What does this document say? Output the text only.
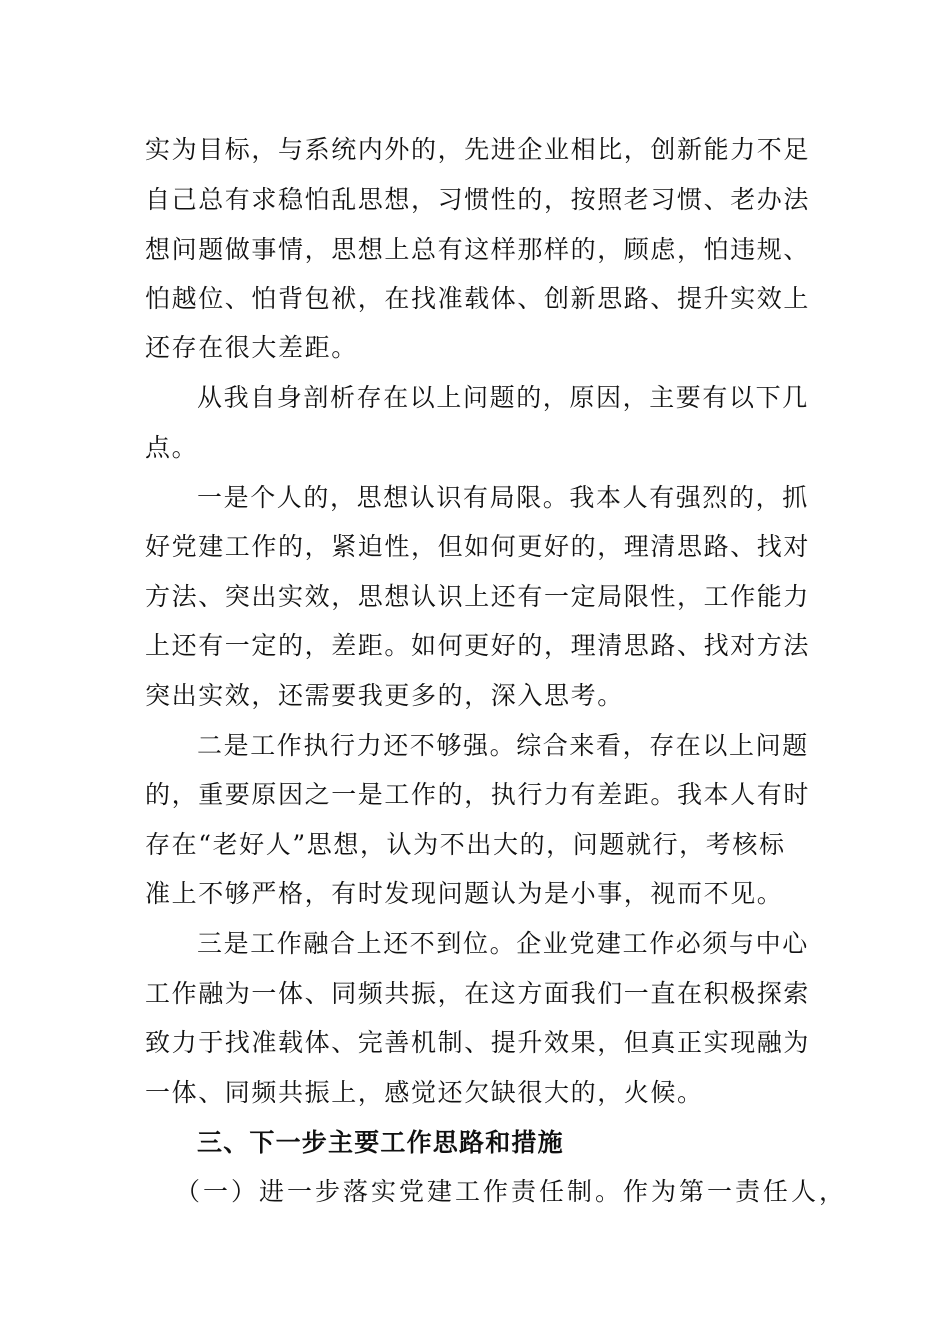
实为目标，与系统内外的，先进企业相比，创新能力不足
自己总有求稳怕乱思想，习惯性的，按照老习惯、老办法
想问题做事情，思想上总有这样那样的，顾虑，怕违规、
怕越位、怕背包袱，在找准载体、创新思路、提升实效上
还存在很大差距。
从我自身剖析存在以上问题的，原因，主要有以下几
点。
一是个人的，思想认识有局限。我本人有强烈的，抓
好党建工作的，紧迫性，但如何更好的，理清思路、找对
方法、突出实效，思想认识上还有一定局限性，工作能力
上还有一定的，差距。如何更好的，理清思路、找对方法
突出实效，还需要我更多的，深入思考。
二是工作执行力还不够强。综合来看，存在以上问题
的，重要原因之一是工作的，执行力有差距。我本人有时
存在“老好人”思想，认为不出大的，问题就行，考核标
准上不够严格，有时发现问题认为是小事，视而不见。
三是工作融合上还不到位。企业党建工作必须与中心
工作融为一体、同频共振，在这方面我们一直在积极探索
致力于找准载体、完善机制、提升效果，但真正实现融为
一体、同频共振上，感觉还欠缺很大的，火候。
三、下一步主要工作思路和措施
（一）进一步落实党建工作责任制。作为第一责任人，
